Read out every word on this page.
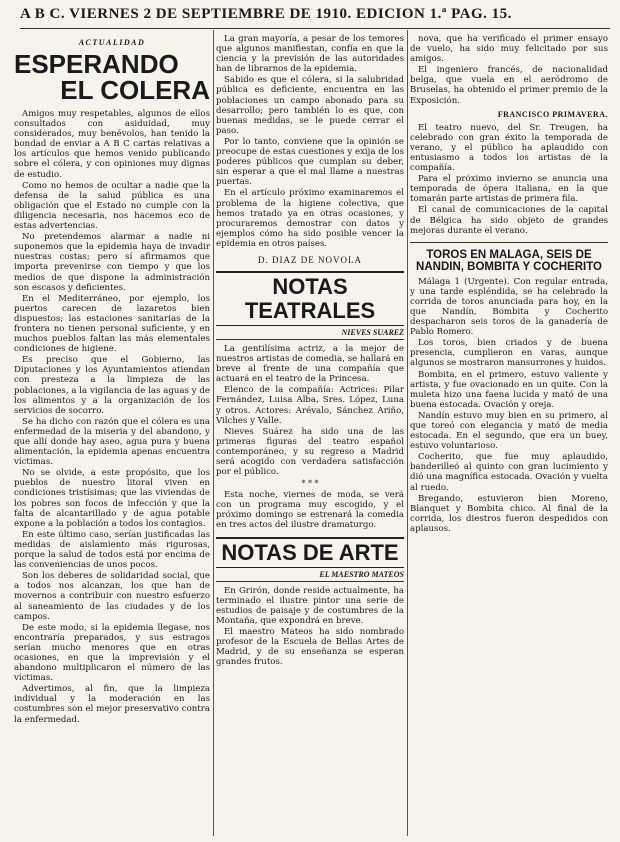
A B C. VIERNES 2 DE SEPTIEMBRE DE 1910. EDICION 1.ª PAG. 15.
ACTUALIDAD
ESPERANDO
EL COLERA

Amigos muy respetables, algunos de ellos consultados con asiduidad, muy considerados, muy benévolos, han tenido la bondad de enviar a A B C cartas relativas a los artículos que hemos venido publicando sobre el cólera, y con opiniones muy dignas de estudio.

Como no hemos de ocultar a nadie que la defensa de la salud pública es una obligación que el Estado no cumple con la diligencia necesaria, nos hacemos eco de estas advertencias.

No pretendemos alarmar a nadie ni suponemos que la epidemia haya de invadir nuestras costas; pero sí afirmamos que importa prevenirse con tiempo y que los medios de que dispone la administración son escasos y deficientes.

En el Mediterráneo, por ejemplo, los puertos carecen de lazaretos bien dispuestos; las estaciones sanitarias de la frontera no tienen personal suficiente, y en muchos pueblos faltan las más elementales condiciones de higiene.

Es preciso que el Gobierno, las Diputaciones y los Ayuntamientos atiendan con presteza a la limpieza de las poblaciones, a la vigilancia de las aguas y de los alimentos y a la organización de los servicios de socorro.

Se ha dicho con razón que el cólera es una enfermedad de la miseria y del abandono, y que allí donde hay aseo, agua pura y buena alimentación, la epidemia apenas encuentra víctimas.

No se olvide, a este propósito, que los pueblos de nuestro litoral viven en condiciones tristísimas; que las viviendas de los pobres son focos de infección y que la falta de alcantarillado y de agua potable expone a la población a todos los contagios.

En este último caso, serían justificadas las medidas de aislamiento más rigurosas, porque la salud de todos está por encima de las conveniencias de unos pocos.

Son los deberes de solidaridad social, que a todos nos alcanzan, los que han de movernos a contribuir con nuestro esfuerzo al saneamiento de las ciudades y de los campos.

De este modo, si la epidemia llegase, nos encontraría preparados, y sus estragos serían mucho menores que en otras ocasiones, en que la imprevisión y el abandono multiplicaron el número de las víctimas.

Advertimos, al fin, que la limpieza individual y la moderación en las costumbres son el mejor preservativo contra la enfermedad.

La gran mayoría, a pesar de los temores que algunos manifiestan, confía en que la ciencia y la previsión de las autoridades han de librarnos de la epidemia.

Sabido es que el cólera, si la salubridad pública es deficiente, encuentra en las poblaciones un campo abonado para su desarrollo; pero también lo es que, con buenas medidas, se le puede cerrar el paso.

Por lo tanto, conviene que la opinión se preocupe de estas cuestiones y exija de los poderes públicos que cumplan su deber, sin esperar a que el mal llame a nuestras puertas.

En el artículo próximo examinaremos el problema de la higiene colectiva, que hemos tratado ya en otras ocasiones, y procuraremos demostrar con datos y ejemplos cómo ha sido posible vencer la epidemia en otros países.

D. DIAZ DE NOVOLA
NOTAS TEATRALES
NIEVES SUAREZ

La gentilísima actriz, a la mejor de nuestros artistas de comedia, se hallará en breve al frente de una compañía que actuará en el teatro de la Princesa.

Elenco de la compañía: Actrices: Pilar Fernández, Luisa Alba, Sres. López, Luna y otros. Actores: Arévalo, Sánchez Ariño, Vilches y Valle.

Nieves Suárez ha sido una de las primeras figuras del teatro español contemporáneo, y su regreso a Madrid será acogido con verdadera satisfacción por el público.

* * *

Esta noche, viernes de moda, se verá con un programa muy escogido, y el próximo domingo se estrenará la comedia en tres actos del ilustre dramaturgo.

NOTAS DE ARTE
EL MAESTRO MATEOS

En Grirón, donde reside actualmente, ha terminado el ilustre pintor una serie de estudios de paisaje y de costumbres de la Montaña, que expondrá en breve.

El maestro Mateos ha sido nombrado profesor de la Escuela de Bellas Artes de Madrid, y de su enseñanza se esperan grandes frutos.

nova, que ha verificado el primer ensayo de vuelo, ha sido muy felicitado por sus amigos.

El ingeniero francés, de nacionalidad belga, que vuela en el aeródromo de Bruselas, ha obtenido el primer premio de la Exposición.

FRANCISCO PRIMAVERA.

El teatro nuevo, del Sr. Treugen, ha celebrado con gran éxito la temporada de verano, y el público ha aplaudido con entusiasmo a todos los artistas de la compañía.

Para el próximo invierno se anuncia una temporada de ópera italiana, en la que tomarán parte artistas de primera fila.

El canal de comunicaciones de la capital de Bélgica ha sido objeto de grandes mejoras durante el verano.

TOROS EN MALAGA, SEIS DE NANDIN, BOMBITA Y COCHERITO

Málaga 1 (Urgente). Con regular entrada, y una tarde espléndida, se ha celebrado la corrida de toros anunciada para hoy, en la que Nandín, Bombita y Cocherito despacharon seis toros de la ganadería de Pablo Romero.

Los toros, bien criados y de buena presencia, cumplieron en varas, aunque algunos se mostraron mansurrones y huidos.

Bombita, en el primero, estuvo valiente y artista, y fue ovacionado en un quite. Con la muleta hizo una faena lucida y mató de una buena estocada. Ovación y oreja.

Nandín estuvo muy bien en su primero, al que toreó con elegancia y mató de media estocada. En el segundo, que era un buey, estuvo voluntarioso.

Cocherito, que fue muy aplaudido, banderilleó al quinto con gran lucimiento y dió una magnífica estocada. Ovación y vuelta al ruedo.

Bregando, estuvieron bien Moreno, Blanquet y Bombita chico. Al final de la corrida, los diestros fueron despedidos con aplausos.
